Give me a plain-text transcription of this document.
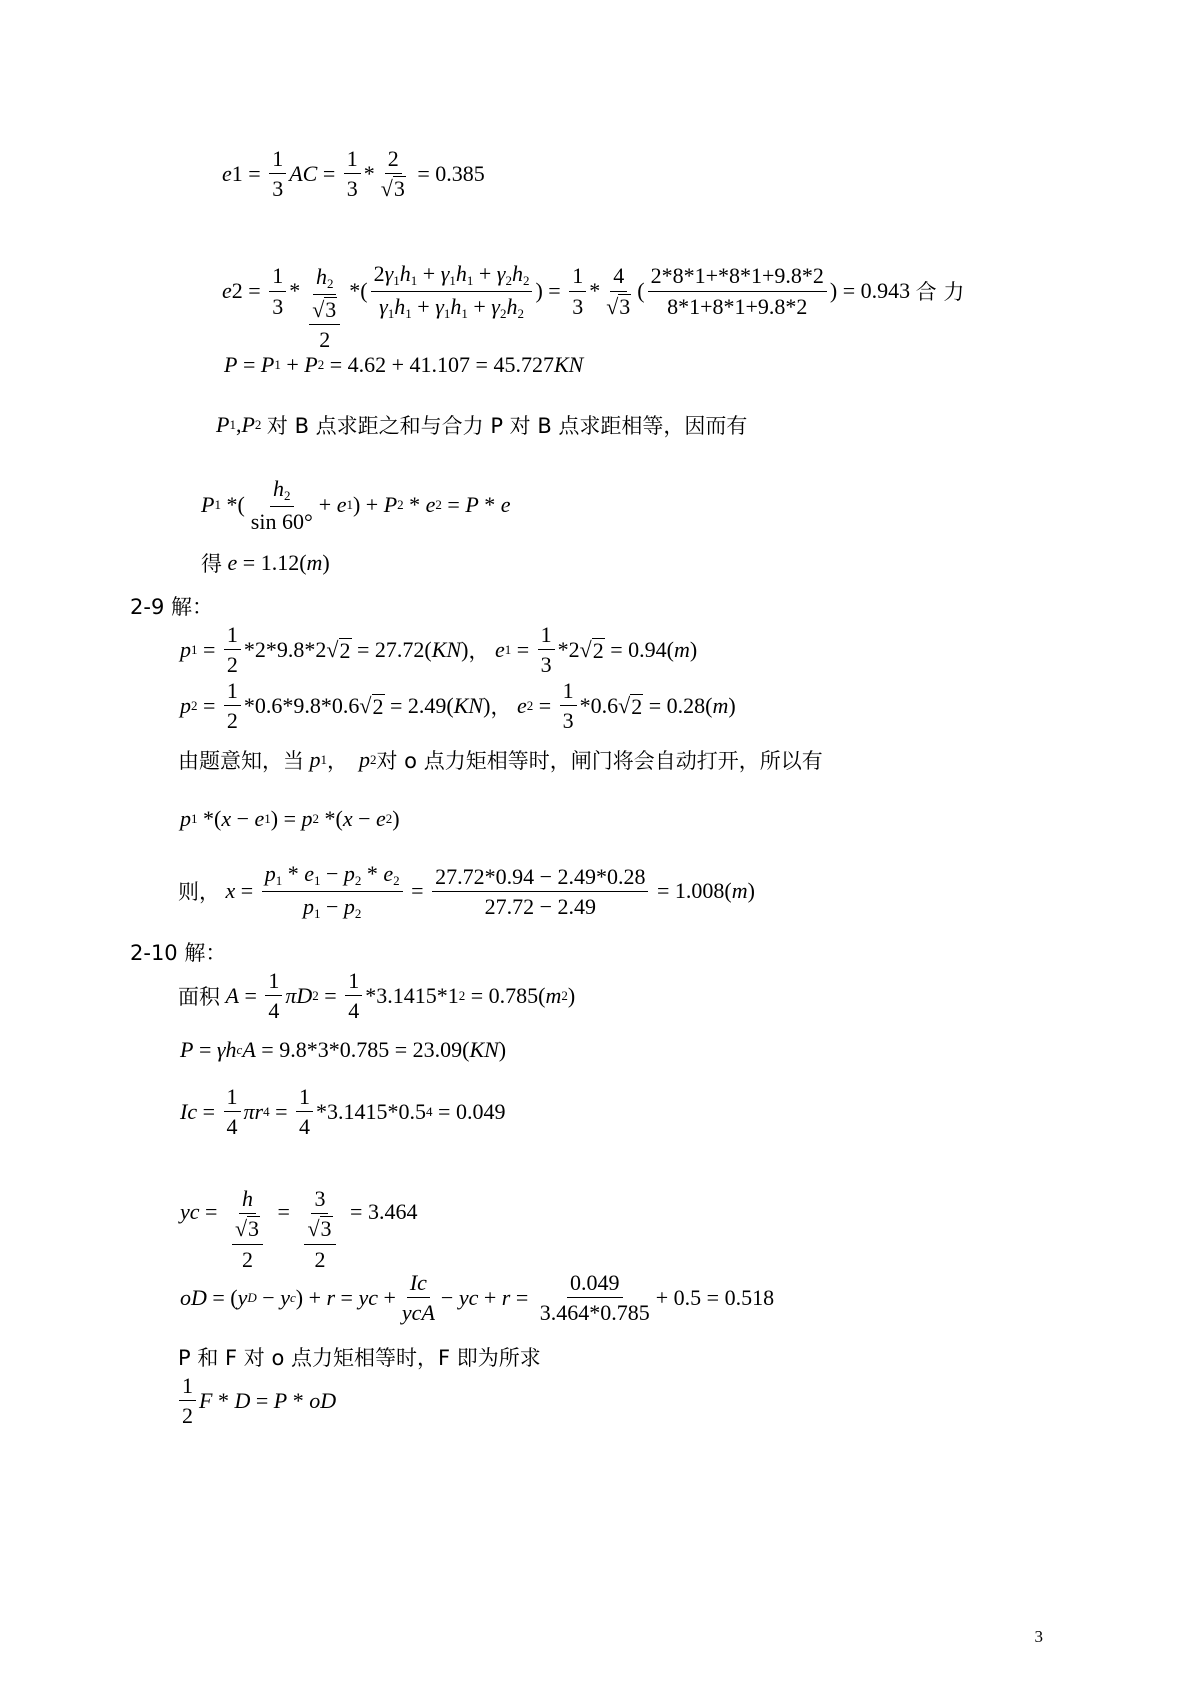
e $1 = \frac{1}{3}$ AC = $\frac{1}{3} * \frac{2}{√ 3} = 0.385$
e $2 = \frac{1}{3} * \frac{h_2}{\frac{√ 3}{2}}$ *( $\frac{2\gamma_1h_1 + \gamma_1h_1 + \gamma_2h_2}{\gamma_1h_1 + \gamma_1h_1 + \gamma_2h_2}$ ) = $\frac{1}{3} * \frac{4}{√ 3}$ ( $\frac{2*8*1+*8*1+9.8*2}{8*1+8*1+9.8*2}$ ) = 0.943
合 力
P = P 1 + P 2 = 4.62 + 41.107 = 45.727 KN
P 1 , P 2
对 B 点求距之和与合力 P 对 B 点求距相等，因而有
P 1 *( $\frac{h_2}{\sin 60^\circ} + e$ 1 ) + P 2 * e 2 = P * e
得
e = 1.12 ( m )
2-9 解：
p $1 = \frac{1}{2} *2*9.8*2$ √ 2 = 27.72 ( KN ) ，
e $1 = \frac{1}{3} *2$ √ 2 = 0.94 ( m )
p $2 = \frac{1}{2} *0.6*9.8*0.6$ √ 2 = 2.49 ( KN ) ，
e $2 = \frac{1}{3} *0.6$ √ 2 = 0.28 ( m )
由题意知，当
p 1 ，
p 2 对 o 点力矩相等时，闸门将会自动打开，所以有
p 1 *( x − e 1 ) = p 2 *( x − e 2 )
则，
$x = \frac{p_1 * e_1 - p_2 * e_2}{p_1 - p_2} = \frac{27.72*0.94 - 2.49*0.28}{27.72 - 2.49} = 1.008$ ( m )
2-10 解：
面积
$A = \frac{1}{4}$ πD $2 = \frac{1}{4} *3.1415*1$ 2 = 0.785 ( m 2 )
P = γh c A = 9.8*3*0.785 = 23.09 ( KN )
$Ic = \frac{1}{4}$ πr $4 = \frac{1}{4} *3.1415*0.5$ 4 = 0.049
yc = $\frac{h}{\frac{√ 3}{2}} = \frac{3}{\frac{√ 3}{2}} = 3.464$
oD = ( y D − y c ) + r = yc + $\frac{Ic}{\text{ycA}}$ − yc + $r = \frac{0.049}{3.464*0.785} + 0.5 = 0.518$
P 和 F 对 o 点力矩相等时，F 即为所求
$\frac{1}{2}$ F * D = P * oD
3
